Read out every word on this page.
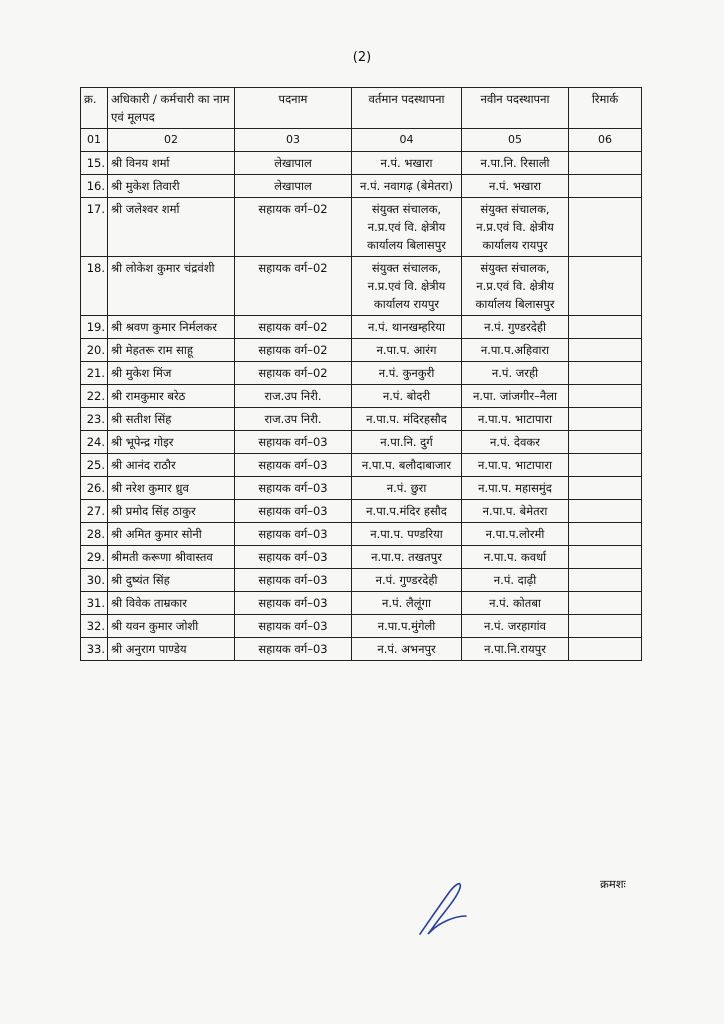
(2)
क्र.	अधिकारी / कर्मचारी का नाम एवं मूलपद	पदनाम	वर्तमान पदस्थापना	नवीन पदस्थापना	रिमार्क
01	02	03	04	05	06
15.	श्री विनय शर्मा	लेखापाल	न.पं. भखारा	न.पा.नि. रिसाली	
16.	श्री मुकेश तिवारी	लेखापाल	न.पं. नवागढ़ (बेमेतरा)	न.पं. भखारा	
17.	श्री जलेश्वर शर्मा	सहायक वर्ग–02	संयुक्त संचालक, न.प्र.एवं वि. क्षेत्रीय कार्यालय बिलासपुर	संयुक्त संचालक, न.प्र.एवं वि. क्षेत्रीय कार्यालय रायपुर	
18.	श्री लोकेश कुमार चंद्रवंशी	सहायक वर्ग–02	संयुक्त संचालक, न.प्र.एवं वि. क्षेत्रीय कार्यालय रायपुर	संयुक्त संचालक, न.प्र.एवं वि. क्षेत्रीय कार्यालय बिलासपुर	
19.	श्री श्रवण कुमार निर्मलकर	सहायक वर्ग–02	न.पं. थानखम्हरिया	न.पं. गुण्डरदेही	
20.	श्री मेहतरू राम साहू	सहायक वर्ग–02	न.पा.प. आरंग	न.पा.प.अहिवारा	
21.	श्री मुकेश मिंज	सहायक वर्ग–02	न.पं. कुनकुरी	न.पं. जरही	
22.	श्री रामकुमार बरेठ	राज.उप निरी.	न.पं. बोदरी	न.पा. जांजगीर–नैला	
23.	श्री सतीश सिंह	राज.उप निरी.	न.पा.प. मंदिरहसौद	न.पा.प. भाटापारा	
24.	श्री भूपेन्द्र गोइर	सहायक वर्ग–03	न.पा.नि. दुर्ग	न.पं. देवकर	
25.	श्री आनंद राठौर	सहायक वर्ग–03	न.पा.प. बलौदाबाजार	न.पा.प. भाटापारा	
26.	श्री नरेश कुमार ध्रुव	सहायक वर्ग–03	न.पं. छुरा	न.पा.प. महासमुंद	
27.	श्री प्रमोद सिंह ठाकुर	सहायक वर्ग–03	न.पा.प.मंदिर हसौद	न.पा.प. बेमेतरा	
28.	श्री अमित कुमार सोनी	सहायक वर्ग–03	न.पा.प. पण्डरिया	न.पा.प.लोरमी	
29.	श्रीमती करूणा श्रीवास्तव	सहायक वर्ग–03	न.पा.प. तखतपुर	न.पा.प. कवर्धा	
30.	श्री दुष्यंत सिंह	सहायक वर्ग–03	न.पं. गुण्डरदेही	न.पं. दाढ़ी	
31.	श्री विवेक ताम्रकार	सहायक वर्ग–03	न.पं. लैलूंगा	न.पं. कोतबा	
32.	श्री यवन कुमार जोशी	सहायक वर्ग–03	न.पा.प.मुंगेली	न.पं. जरहागांव	
33.	श्री अनुराग पाण्डेय	सहायक वर्ग–03	न.पं. अभनपुर	न.पा.नि.रायपुर	
क्रमशः
